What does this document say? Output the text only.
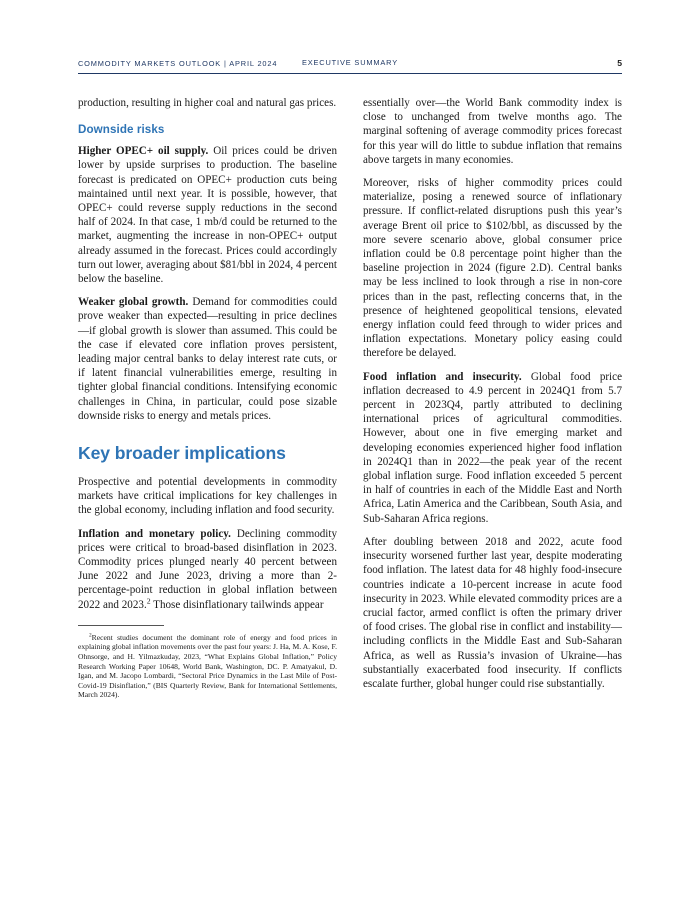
COMMODITY MARKETS OUTLOOK | APRIL 2024	EXECUTIVE SUMMARY	5

production, resulting in higher coal and natural gas prices.

Downside risks

Higher OPEC+ oil supply. Oil prices could be driven lower by upside surprises to production. The baseline forecast is predicated on OPEC+ production cuts being maintained until next year. It is possible, however, that OPEC+ could reverse supply reductions in the second half of 2024. In that case, 1 mb/d could be returned to the market, augmenting the increase in non-OPEC+ output already assumed in the forecast. Prices could accordingly turn out lower, averaging about $81/bbl in 2024, 4 percent below the baseline.

Weaker global growth. Demand for commodities could prove weaker than expected—resulting in price declines—if global growth is slower than assumed. This could be the case if elevated core inflation proves persistent, leading major central banks to delay interest rate cuts, or if latent financial vulnerabilities emerge, resulting in tighter global financial conditions. Intensifying economic challenges in China, in particular, could pose sizable downside risks to energy and metals prices.

Key broader implications

Prospective and potential developments in commodity markets have critical implications for key challenges in the global economy, including inflation and food security.

Inflation and monetary policy. Declining commodity prices were critical to broad-based disinflation in 2023. Commodity prices plunged nearly 40 percent between June 2022 and June 2023, driving a more than 2-percentage-point reduction in global inflation between 2022 and 2023.$^2$ Those disinflationary tailwinds appear

$^2$Recent studies document the dominant role of energy and food prices in explaining global inflation movements over the past four years: J. Ha, M. A. Kose, F. Ohnsorge, and H. Yilmazkuday, 2023, “What Explains Global Inflation,” Policy Research Working Paper 10648, World Bank, Washington, DC. P. Amatyakul, D. Igan, and M. Jacopo Lombardi, “Sectoral Price Dynamics in the Last Mile of Post-Covid-19 Disinflation,” (BIS Quarterly Review, Bank for International Settlements, March 2024).

essentially over—the World Bank commodity index is close to unchanged from twelve months ago. The marginal softening of average commodity prices forecast for this year will do little to subdue inflation that remains above targets in many economies.

Moreover, risks of higher commodity prices could materialize, posing a renewed source of inflationary pressure. If conflict-related disruptions push this year’s average Brent oil price to $102/bbl, as discussed by the more severe scenario above, global consumer price inflation could be 0.8 percentage point higher than the baseline projection in 2024 (figure 2.D). Central banks may be less inclined to look through a rise in non-core prices than in the past, reflecting concerns that, in the presence of heightened geopolitical tensions, elevated energy inflation could feed through to wider prices and inflation expectations. Monetary policy easing could therefore be delayed.

Food inflation and insecurity. Global food price inflation decreased to 4.9 percent in 2024Q1 from 5.7 percent in 2023Q4, partly attributed to declining international prices of agricultural commodities. However, about one in five emerging market and developing economies experienced higher food inflation in 2024Q1 than in 2022—the peak year of the recent global inflation surge. Food inflation exceeded 5 percent in half of countries in each of the Middle East and North Africa, Latin America and the Caribbean, South Asia, and Sub-Saharan Africa regions.

After doubling between 2018 and 2022, acute food insecurity worsened further last year, despite moderating food inflation. The latest data for 48 highly food-insecure countries indicate a 10-percent increase in acute food insecurity in 2023. While elevated commodity prices are a crucial factor, armed conflict is often the primary driver of food crises. The global rise in conflict and instability—including conflicts in the Middle East and Sub-Saharan Africa, as well as Russia’s invasion of Ukraine—has substantially exacerbated food insecurity. If conflicts escalate further, global hunger could rise substantially.
